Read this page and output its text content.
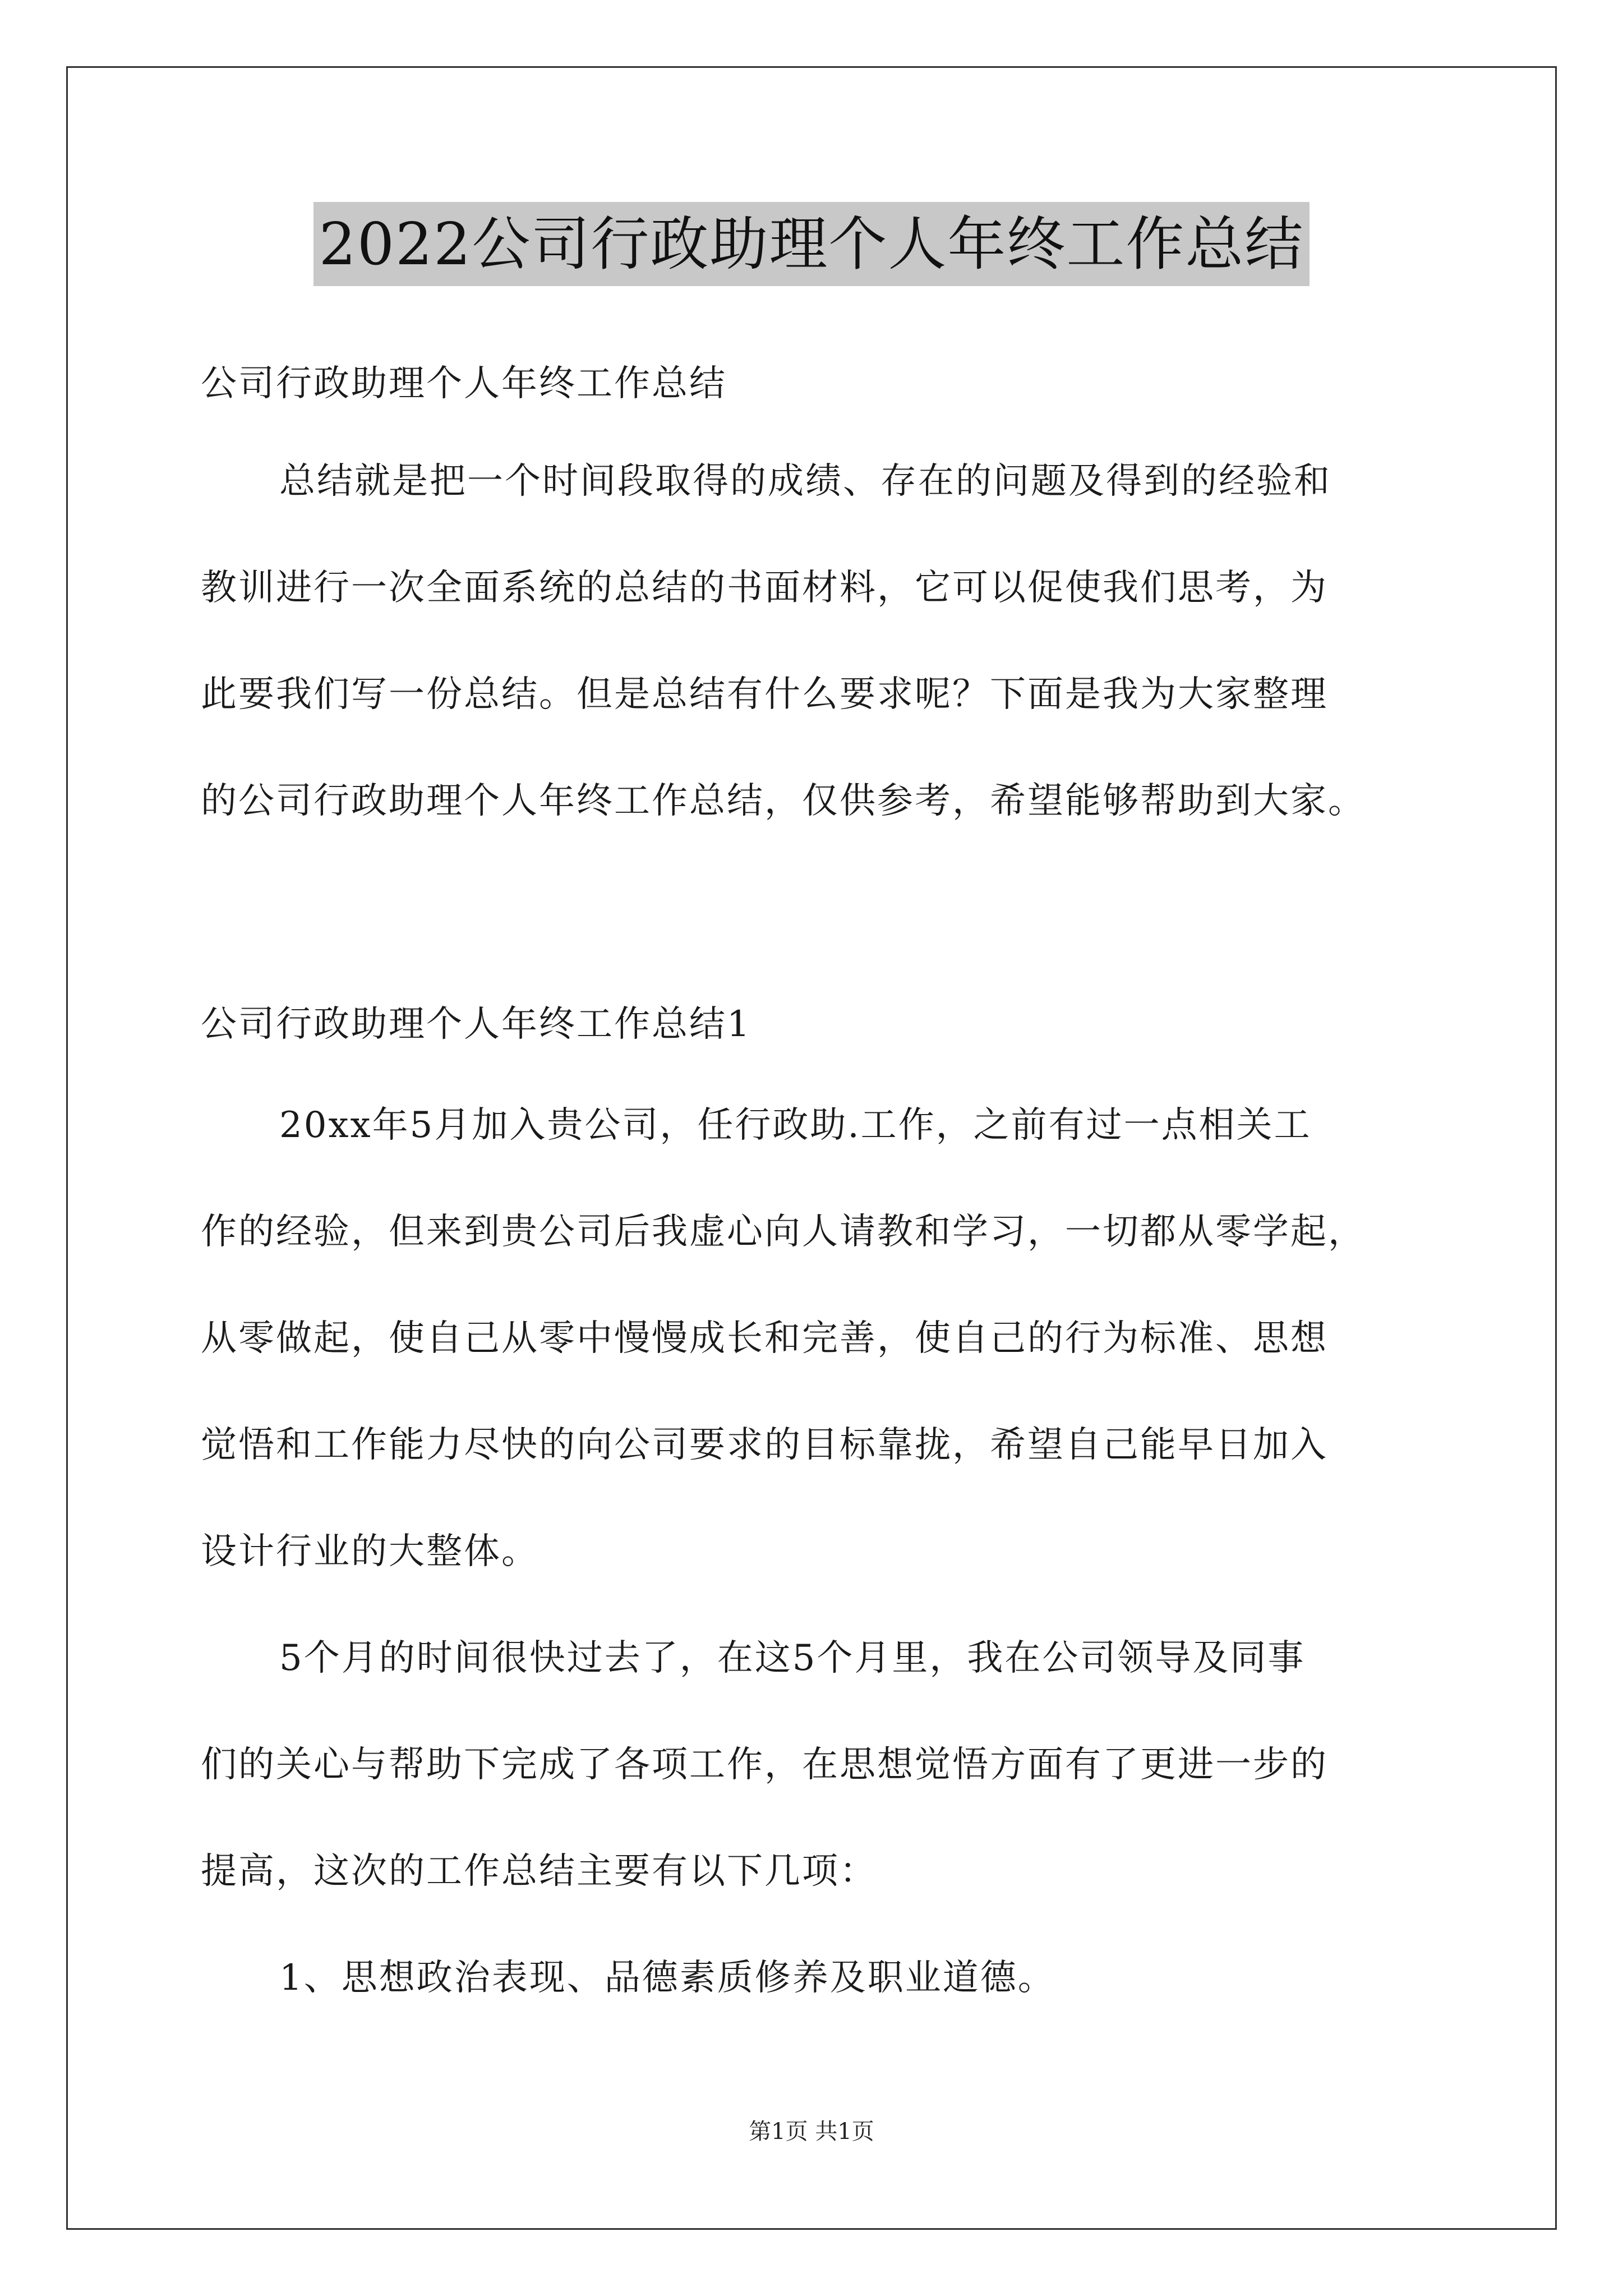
2022公司行政助理个人年终工作总结
公司行政助理个人年终工作总结
总结就是把一个时间段取得的成绩、存在的问题及得到的经验和
教训进行一次全面系统的总结的书面材料，它可以促使我们思考，为
此要我们写一份总结。但是总结有什么要求呢？下面是我为大家整理
的公司行政助理个人年终工作总结，仅供参考，希望能够帮助到大家。
公司行政助理个人年终工作总结1
20xx年5月加入贵公司，任行政助.工作，之前有过一点相关工
作的经验，但来到贵公司后我虚心向人请教和学习，一切都从零学起，
从零做起，使自己从零中慢慢成长和完善，使自己的行为标准、思想
觉悟和工作能力尽快的向公司要求的目标靠拢，希望自己能早日加入
设计行业的大整体。
5个月的时间很快过去了，在这5个月里，我在公司领导及同事
们的关心与帮助下完成了各项工作，在思想觉悟方面有了更进一步的
提高，这次的工作总结主要有以下几项：
1、思想政治表现、品德素质修养及职业道德。
第1页 共1页
